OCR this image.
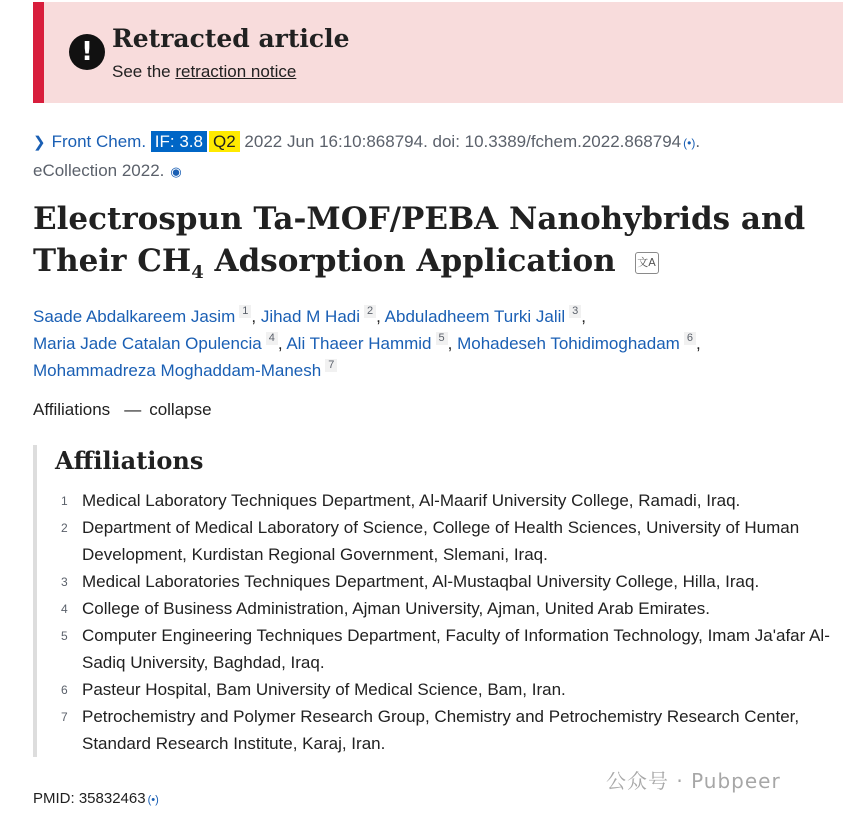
! Retracted article
See the retraction notice
❯ Front Chem. IF: 3.8 Q2 2022 Jun 16:10:868794. doi: 10.3389/fchem.2022.868794 (•).
eCollection 2022. ◉
Electrospun Ta-MOF/PEBA Nanohybrids and Their $CH_4$ Adsorption Application 文A
Saade Abdalkareem Jasim 1 , Jihad M Hadi 2 , Abduladheem Turki Jalil 3 ,
Maria Jade Catalan Opulencia 4 , Ali Thaeer Hammid 5 , Mohadeseh Tohidimoghadam 6 ,
Mohammadreza Moghaddam-Manesh 7
Affiliations — collapse
Affiliations
1 Medical Laboratory Techniques Department, Al-Maarif University College, Ramadi, Iraq.
2 Department of Medical Laboratory of Science, College of Health Sciences, University of Human Development, Kurdistan Regional Government, Slemani, Iraq.
3 Medical Laboratories Techniques Department, Al-Mustaqbal University College, Hilla, Iraq.
4 College of Business Administration, Ajman University, Ajman, United Arab Emirates.
5 Computer Engineering Techniques Department, Faculty of Information Technology, Imam Ja'afar Al-Sadiq University, Baghdad, Iraq.
6 Pasteur Hospital, Bam University of Medical Science, Bam, Iran.
7 Petrochemistry and Polymer Research Group, Chemistry and Petrochemistry Research Center, Standard Research Institute, Karaj, Iran.
PMID: 35832463 (•)
公众号 · Pubpeer
